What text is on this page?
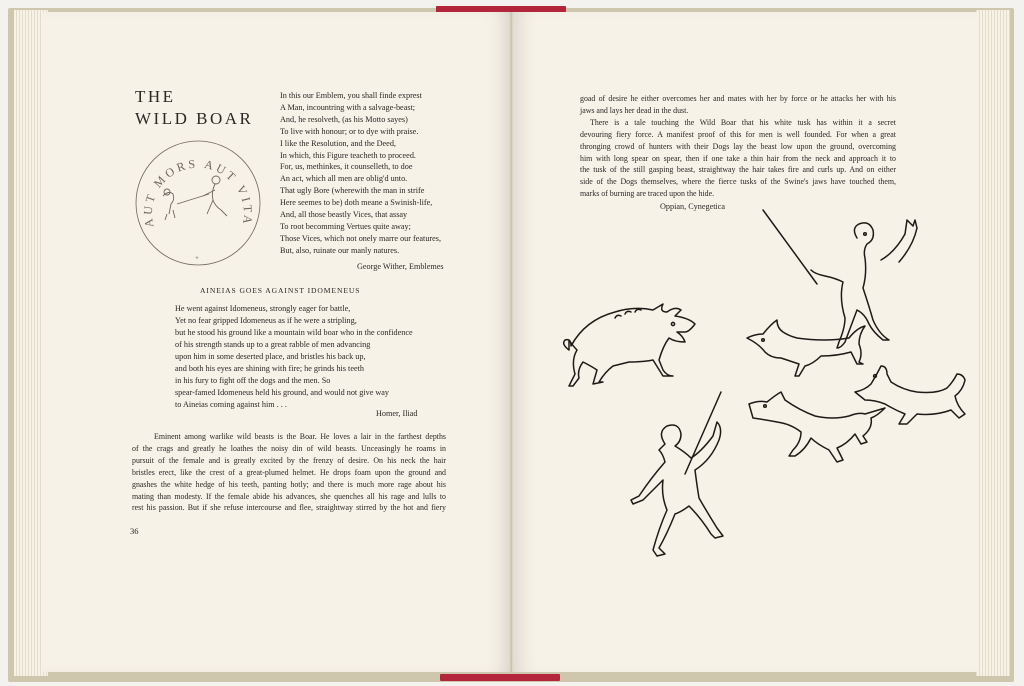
THE
WILD BOAR
AUT MORS AUT VITA
+
In this our Emblem, you shall finde exprest
A Man, incountring with a salvage-beast;
And, he resolveth, (as his Motto sayes)
To live with honour; or to dye with praise.
I like the Resolution, and the Deed,
In which, this Figure teacheth to proceed.
For, us, methinkes, it counselleth, to doe
An act, which all men are oblig'd unto.
That ugly Bore (wherewith the man in strife
Here seemes to be) doth meane a Swinish-life,
And, all those beastly Vices, that assay
To root becomming Vertues quite away;
Those Vices, which not onely marre our features,
But, also, ruinate our manly natures.
George Wither, Emblemes
AINEIAS GOES AGAINST IDOMENEUS
He went against Idomeneus, strongly eager for battle,
Yet no fear gripped Idomeneus as if he were a stripling,
but he stood his ground like a mountain wild boar who in the confidence
of his strength stands up to a great rabble of men advancing
upon him in some deserted place, and bristles his back up,
and both his eyes are shining with fire; he grinds his teeth
in his fury to fight off the dogs and the men. So
spear-famed Idomeneus held his ground, and would not give way
to Aineias coming against him . . .
Homer, Iliad
Eminent among warlike wild beasts is the Boar. He loves a lair in the farthest depths
of the crags and greatly he loathes the noisy din of wild beasts. Unceasingly he roams in
pursuit of the female and is greatly excited by the frenzy of desire. On his neck the hair
bristles erect, like the crest of a great-plumed helmet. He drops foam upon the ground and
gnashes the white hedge of his teeth, panting hotly; and there is much more rage about his
mating than modesty. If the female abide his advances, she quenches all his rage and lulls to
rest his passion. But if she refuse intercourse and flee, straightway stirred by the hot and fiery
36
goad of desire he either overcomes her and mates with her by force or he attacks her with his
jaws and lays her dead in the dust.
There is a tale touching the Wild Boar that his white tusk has within it a secret
devouring fiery force. A manifest proof of this for men is well founded. For when a great
thronging crowd of hunters with their Dogs lay the beast low upon the ground, overcoming
him with long spear on spear, then if one take a thin hair from the neck and approach it to
the tusk of the still gasping beast, straightway the hair takes fire and curls up. And on either
side of the Dogs themselves, where the fierce tusks of the Swine's jaws have touched them,
marks of burning are traced upon the hide.
Oppian, Cynegetica
